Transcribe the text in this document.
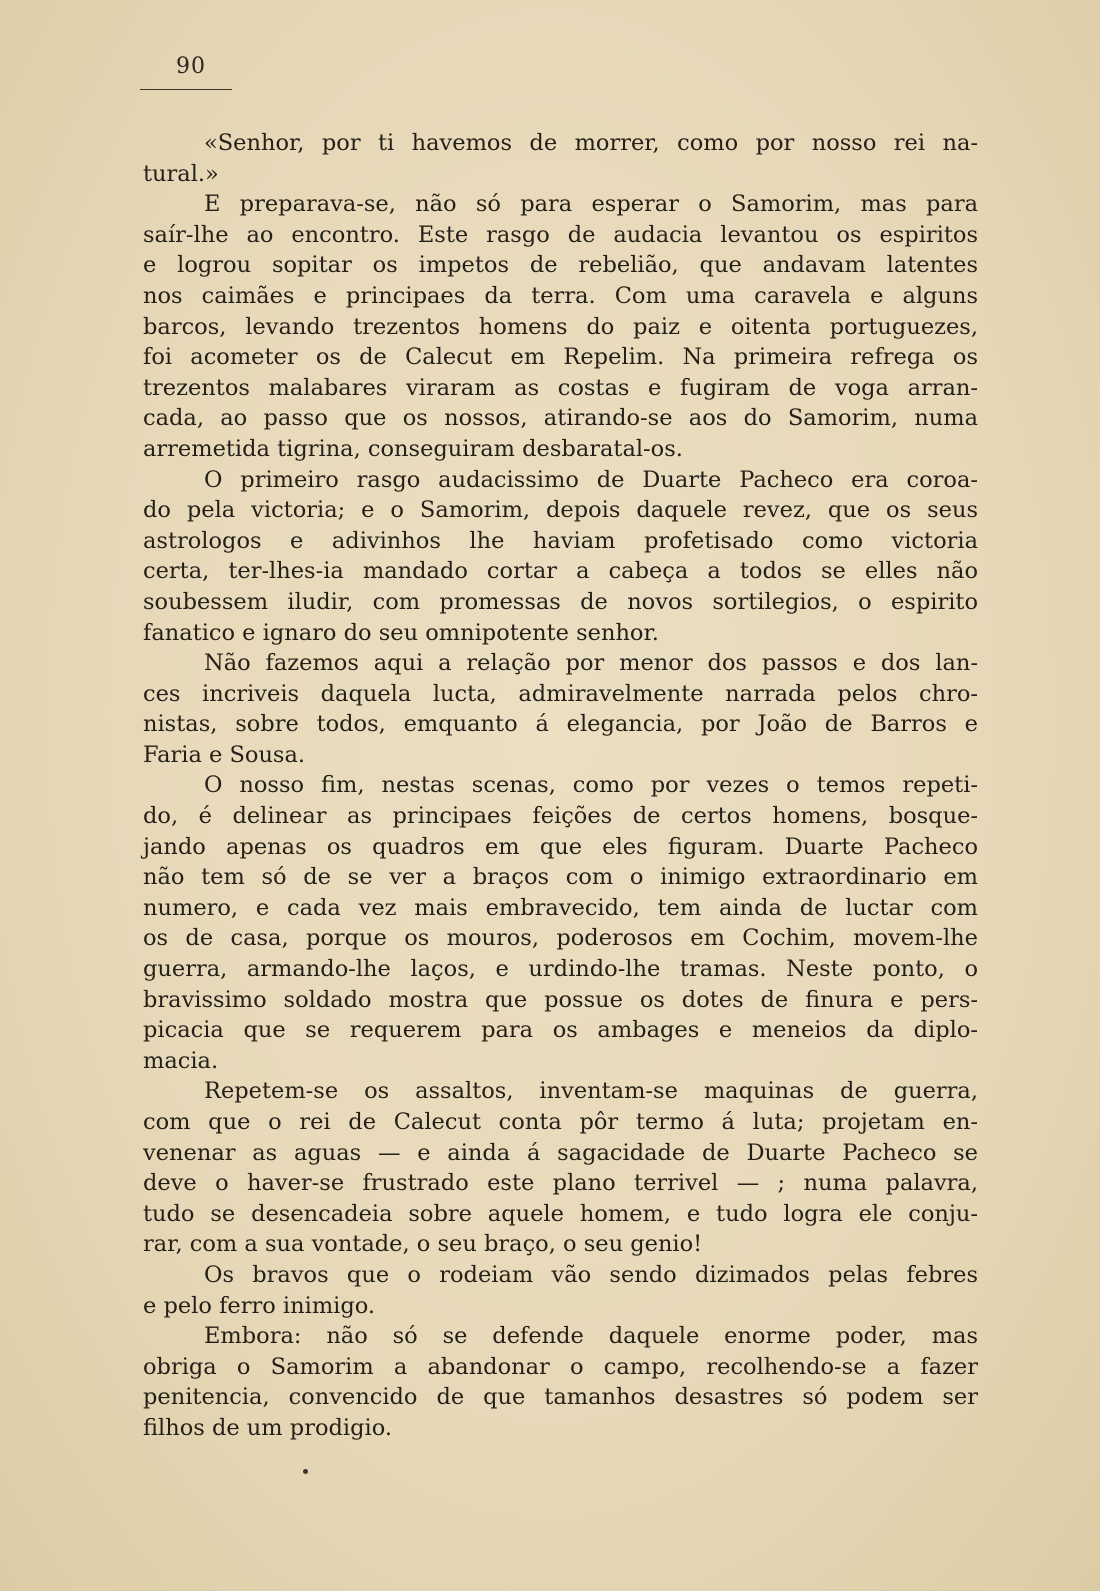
90
«Senhor, por ti havemos de morrer, como por nosso rei na-
tural.»
E preparava-se, não só para esperar o Samorim, mas para
saír-lhe ao encontro. Este rasgo de audacia levantou os espiritos
e logrou sopitar os impetos de rebelião, que andavam latentes
nos caimães e principaes da terra. Com uma caravela e alguns
barcos, levando trezentos homens do paiz e oitenta portuguezes,
foi acometer os de Calecut em Repelim. Na primeira refrega os
trezentos malabares viraram as costas e fugiram de voga arran-
cada, ao passo que os nossos, atirando-se aos do Samorim, numa
arremetida tigrina, conseguiram desbaratal-os.
O primeiro rasgo audacissimo de Duarte Pacheco era coroa-
do pela victoria; e o Samorim, depois daquele revez, que os seus
astrologos e adivinhos lhe haviam profetisado como victoria
certa, ter-lhes-ia mandado cortar a cabeça a todos se elles não
soubessem iludir, com promessas de novos sortilegios, o espirito
fanatico e ignaro do seu omnipotente senhor.
Não fazemos aqui a relação por menor dos passos e dos lan-
ces incriveis daquela lucta, admiravelmente narrada pelos chro-
nistas, sobre todos, emquanto á elegancia, por João de Barros e
Faria e Sousa.
O nosso fim, nestas scenas, como por vezes o temos repeti-
do, é delinear as principaes feições de certos homens, bosque-
jando apenas os quadros em que eles figuram. Duarte Pacheco
não tem só de se ver a braços com o inimigo extraordinario em
numero, e cada vez mais embravecido, tem ainda de luctar com
os de casa, porque os mouros, poderosos em Cochim, movem-lhe
guerra, armando-lhe laços, e urdindo-lhe tramas. Neste ponto, o
bravissimo soldado mostra que possue os dotes de finura e pers-
picacia que se requerem para os ambages e meneios da diplo-
macia.
Repetem-se os assaltos, inventam-se maquinas de guerra,
com que o rei de Calecut conta pôr termo á luta; projetam en-
venenar as aguas — e ainda á sagacidade de Duarte Pacheco se
deve o haver-se frustrado este plano terrivel — ; numa palavra,
tudo se desencadeia sobre aquele homem, e tudo logra ele conju-
rar, com a sua vontade, o seu braço, o seu genio!
Os bravos que o rodeiam vão sendo dizimados pelas febres
e pelo ferro inimigo.
Embora: não só se defende daquele enorme poder, mas
obriga o Samorim a abandonar o campo, recolhendo-se a fazer
penitencia, convencido de que tamanhos desastres só podem ser
filhos de um prodigio.
